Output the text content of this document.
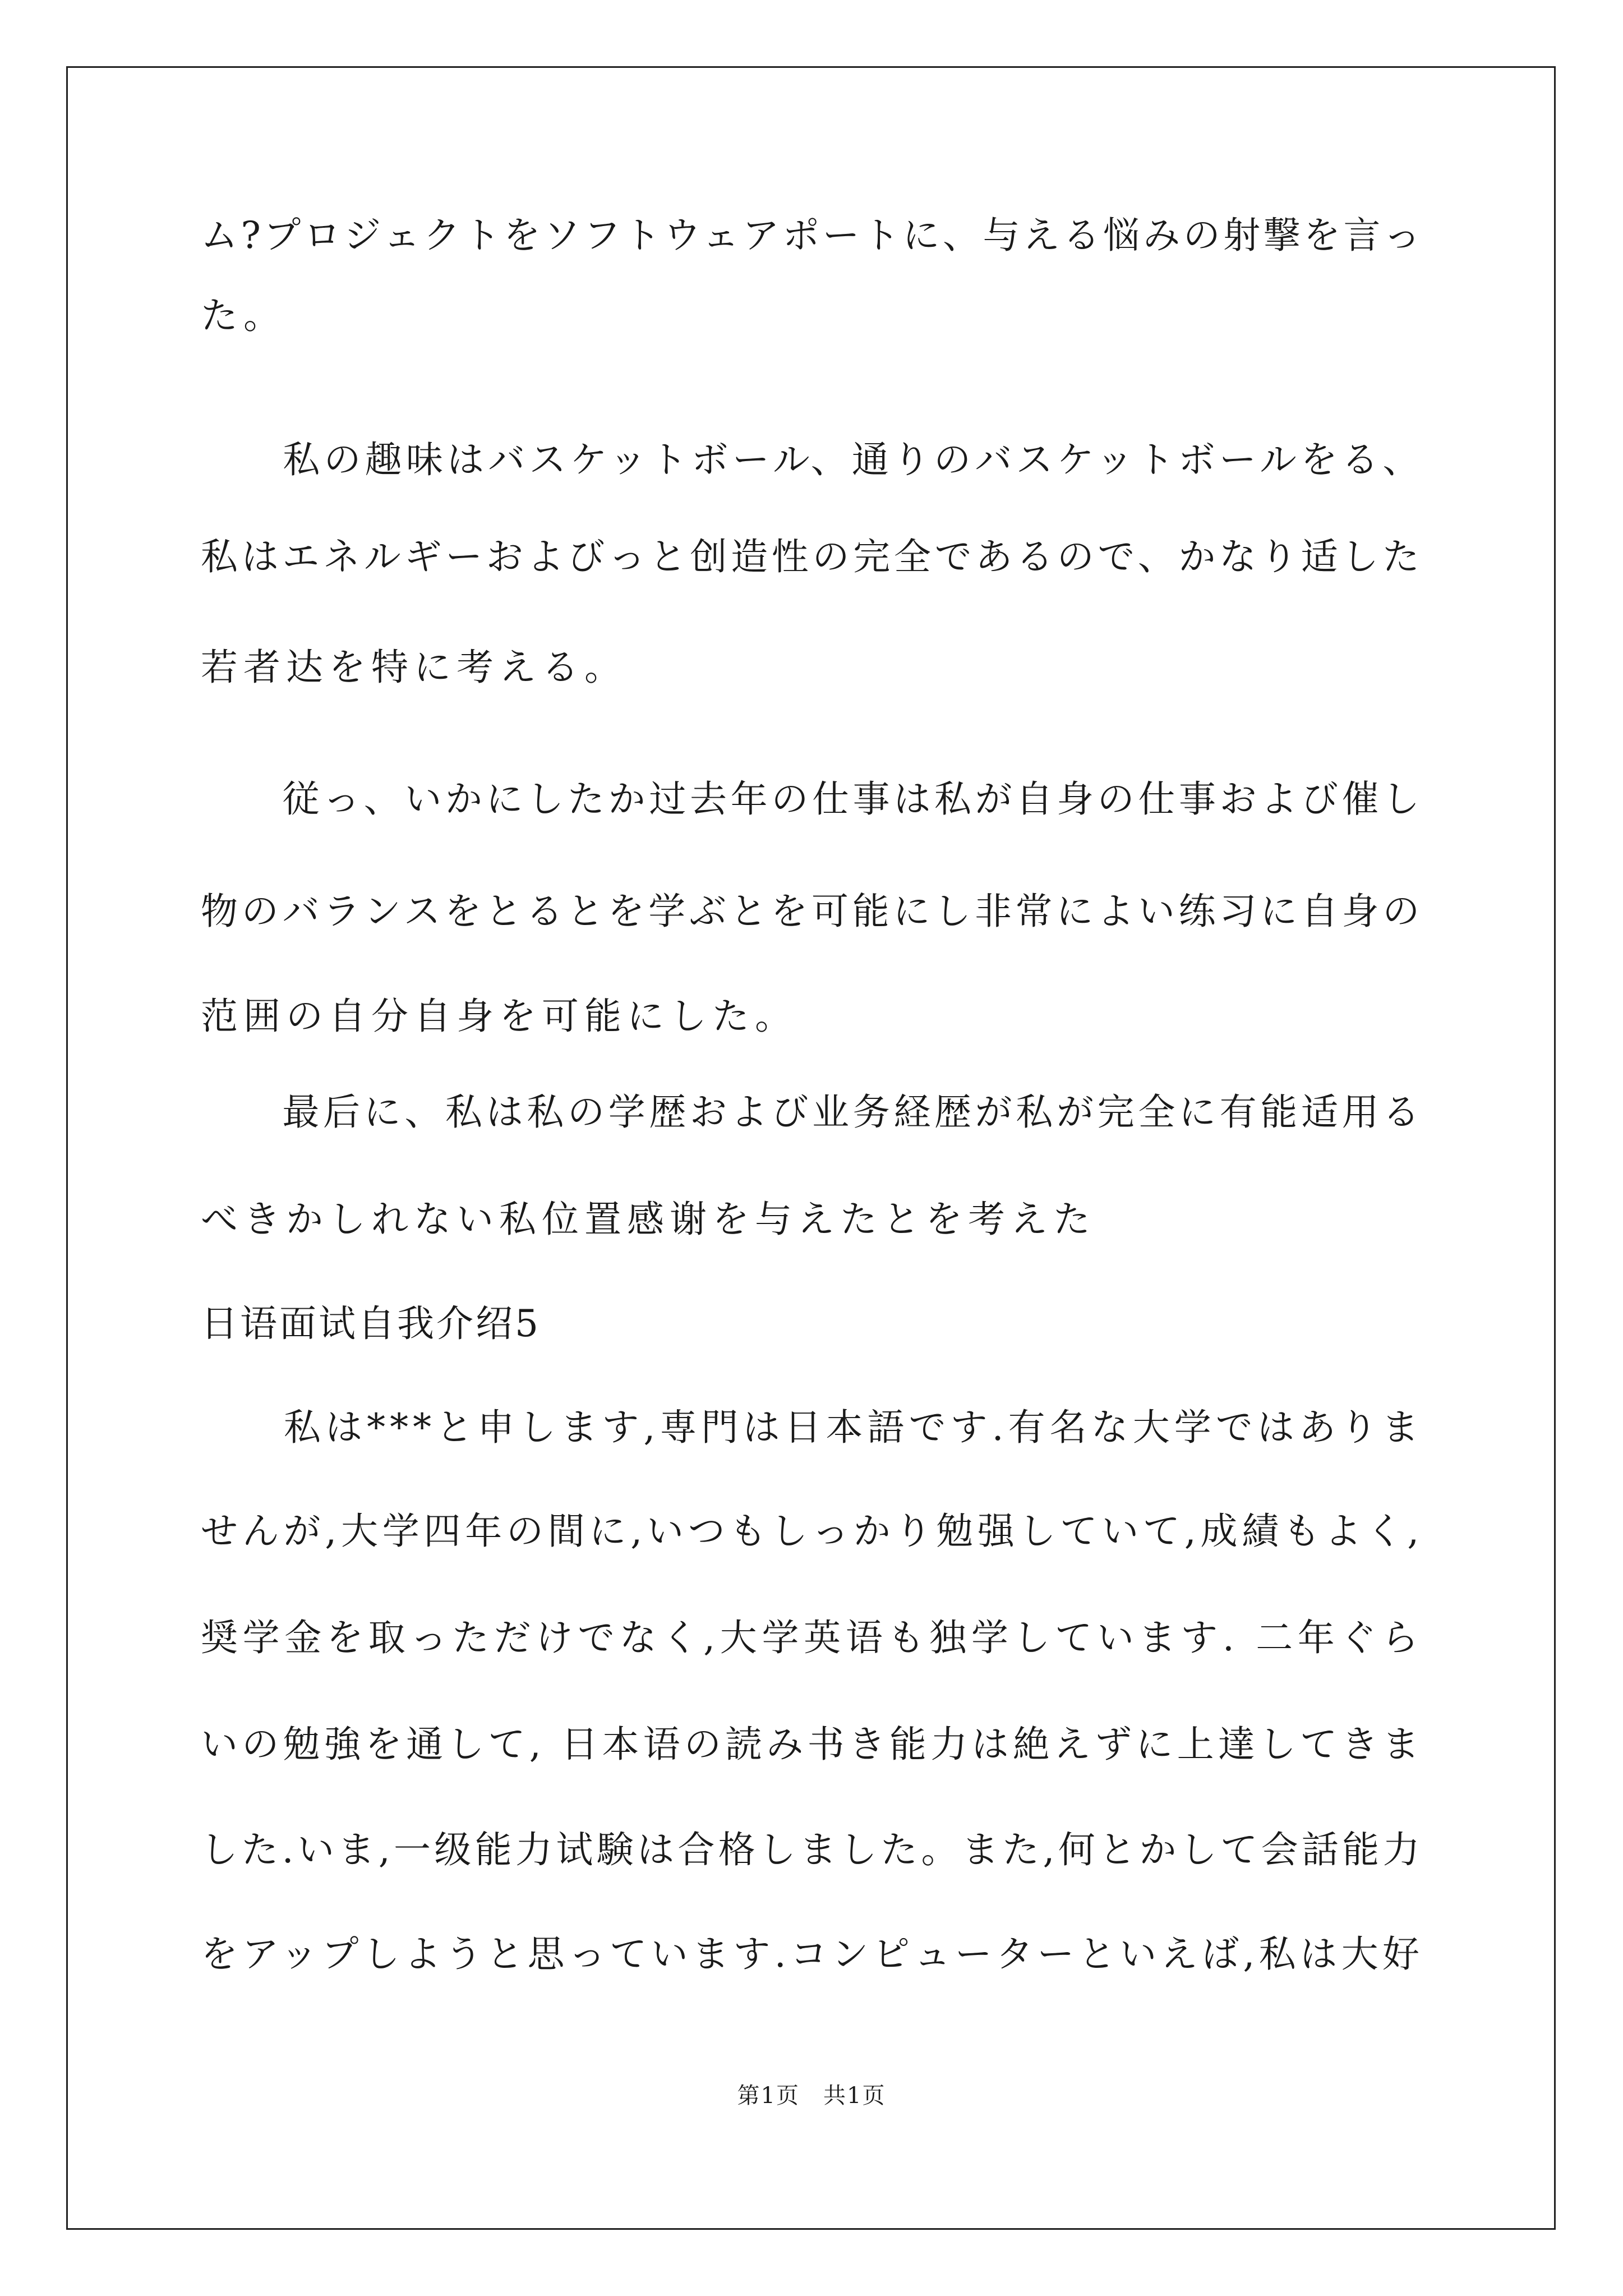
ム?プロジェクトをソフトウェアポートに、与える悩みの射撃を言っ
た。
　　私の趣味はバスケットボール、通りのバスケットボールをる、
私はエネルギーおよびっと创造性の完全であるので、かなり适した
若者达を特に考える。
　　従っ、いかにしたか过去年の仕事は私が自身の仕事および催し
物のバランスをとるとを学ぶとを可能にし非常によい练习に自身の
范囲の自分自身を可能にした。
　　最后に、私は私の学歴および业务経歴が私が完全に有能适用る
べきかしれない私位置感谢を与えたとを考えた
日语面试自我介绍5
　　私は***と申します,専門は日本語です.有名な大学ではありま
せんが,大学四年の間に,いつもしっかり勉强していて,成績もよく,
奨学金を取っただけでなく,大学英语も独学しています. 二年ぐら
いの勉強を通して, 日本语の読み书き能力は絶えずに上達してきま
した.いま,一级能力试験は合格しました。また,何とかして会話能力
をアップしようと思っています.コンピューターといえば,私は大好
第1页　共1页
